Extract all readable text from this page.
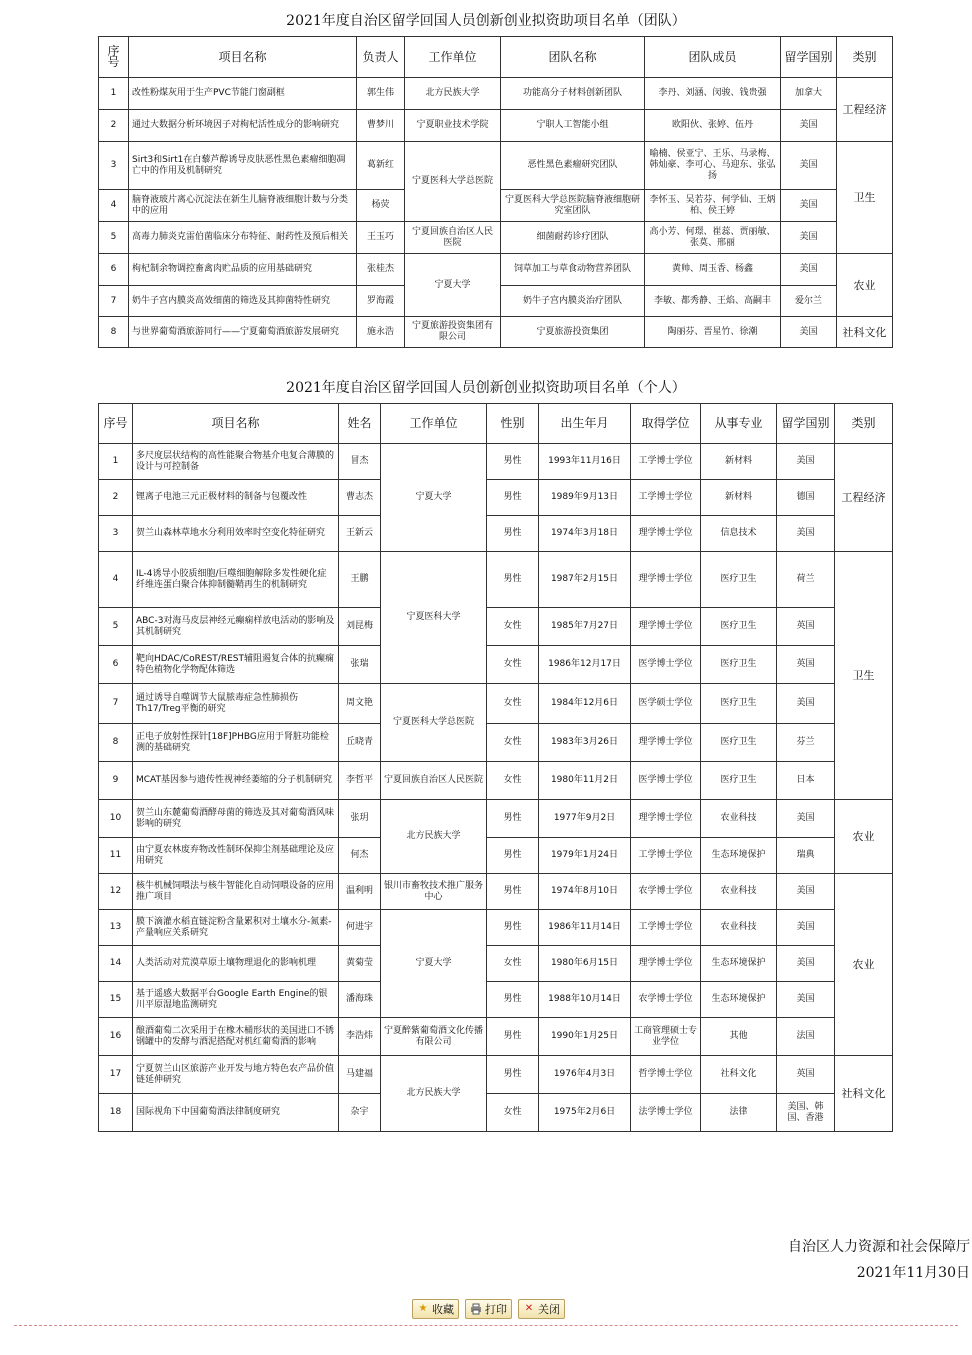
2021年度自治区留学回国人员创新创业拟资助项目名单（团队）
序号	项目名称	负责人	工作单位	团队名称	团队成员	留学国别	类别
1	改性粉煤灰用于生产PVC节能门窗副框	郭生伟	北方民族大学	功能高分子材料创新团队	李丹、刘涵、闵骏、钱贵强	加拿大	工程经济
2	通过大数据分析环境因子对枸杞活性成分的影响研究	曹梦川	宁夏职业技术学院	宁职人工智能小组	欧阳伙、张婷、伍丹	美国	
3	Sirt3和Sirt1在白藜芦醇诱导皮肤恶性黑色素瘤细胞凋亡中的作用及机制研究	葛新红	宁夏医科大学总医院	恶性黑色素瘤研究团队	喻楠、侯亚宁、王乐、马录梅、韩灿豪、李可心、马迎东、张弘扬	美国	卫生
4	脑脊液玻片离心沉淀法在新生儿脑脊液细胞计数与分类中的应用	杨荧		宁夏医科大学总医院脑脊液细胞研究室团队	李怀玉、吴若芬、何学仙、王炳柏、侯王婷	美国	
5	高毒力肺炎克雷伯菌临床分布特征、耐药性及预后相关	王玉巧	宁夏回族自治区人民医院	细菌耐药诊疗团队	高小芳、何璟、崔蕊、贾丽敏、张莫、邢丽	美国	
6	枸杞制余物调控畜禽肉贮品质的应用基础研究	张桂杰	宁夏大学	饲草加工与草食动物营养团队	黄帅、周玉香、杨鑫	美国	农业
7	奶牛子宫内膜炎高效细菌的筛选及其抑菌特性研究	罗海霞		奶牛子宫内膜炎治疗团队	李敏、都秀静、王焰、高嗣丰	爱尔兰	
8	与世界葡萄酒旅游同行——宁夏葡萄酒旅游发展研究	施永浩	宁夏旅游投资集团有限公司	宁夏旅游投资集团	陶丽芬、晋星竹、徐潮	美国	社科文化
2021年度自治区留学回国人员创新创业拟资助项目名单（个人）
序号	项目名称	姓名	工作单位	性别	出生年月	取得学位	从事专业	留学国别	类别
1	多尺度层状结构的高性能聚合物基介电复合薄膜的设计与可控制备	冒杰	宁夏大学	男性	1993年11月16日	工学博士学位	新材料	美国	工程经济
2	锂离子电池三元正极材料的制备与包覆改性	曹志杰		男性	1989年9月13日	工学博士学位	新材料	德国	
3	贺兰山森林草地水分利用效率时空变化特征研究	王新云		男性	1974年3月18日	理学博士学位	信息技术	美国	
4	IL-4诱导小胶质细胞/巨噬细胞解除多发性硬化症纤维连蛋白聚合体抑制髓鞘再生的机制研究	王鹏	宁夏医科大学	男性	1987年2月15日	理学博士学位	医疗卫生	荷兰	卫生
5	ABC-3对海马皮层神经元癫痫样放电活动的影响及其机制研究	刘昆梅		女性	1985年7月27日	理学博士学位	医疗卫生	英国	
6	靶向HDAC/CoREST/REST辅阻遏复合体的抗癫痫特色植物化学物配体筛选	张瑞		女性	1986年12月17日	医学博士学位	医疗卫生	英国	
7	通过诱导自噬调节大鼠脓毒症急性肺损伤Th17/Treg平衡的研究	周文艳	宁夏医科大学总医院	女性	1984年12月6日	医学硕士学位	医疗卫生	美国	
8	正电子放射性探针[18F]PHBG应用于肾脏功能检测的基础研究	丘晓青		女性	1983年3月26日	理学博士学位	医疗卫生	芬兰	
9	MCAT基因参与遗传性视神经萎缩的分子机制研究	李哲平	宁夏回族自治区人民医院	女性	1980年11月2日	医学博士学位	医疗卫生	日本	
10	贺兰山东麓葡萄酒酵母菌的筛选及其对葡萄酒风味影响的研究	张玥	北方民族大学	男性	1977年9月2日	理学博士学位	农业科技	美国	农业
11	由宁夏农林废弃物改性制环保抑尘剂基础理论及应用研究	何杰		男性	1979年1月24日	工学博士学位	生态环境保护	瑞典	
12	核牛机械饲喂法与核牛智能化自动饲喂设备的应用推广项目	温利明	银川市畜牧技术推广服务中心	男性	1974年8月10日	农学博士学位	农业科技	美国	农业
13	膜下滴灌水稻直链淀粉含量累积对土壤水分-氮素-产量响应关系研究	何进宇	宁夏大学	男性	1986年11月14日	工学博士学位	农业科技	美国	
14	人类活动对荒漠草原土壤物理退化的影响机理	黄菊莹		女性	1980年6月15日	理学博士学位	生态环境保护	美国	
15	基于遥感大数据平台Google Earth Engine的银川平原湿地监测研究	潘海珠		男性	1988年10月14日	农学博士学位	生态环境保护	美国	
16	酿酒葡萄二次采用于在橡木桶形状的美国进口不锈钢罐中的发酵与酒泥搭配对机红葡萄酒的影响	李浩炜	宁夏醉紫葡萄酒文化传播有限公司	男性	1990年1月25日	工商管理硕士专业学位	其他	法国	
17	宁夏贺兰山区旅游产业开发与地方特色农产品价值链延伸研究	马建福	北方民族大学	男性	1976年4月3日	哲学博士学位	社科文化	英国	社科文化
18	国际视角下中国葡萄酒法律制度研究	杂宇		女性	1975年2月6日	法学博士学位	法律	美国、韩国、香港	
自治区人力资源和社会保障厅
2021年11月30日
★ 收藏	打印 ✕ 关闭
